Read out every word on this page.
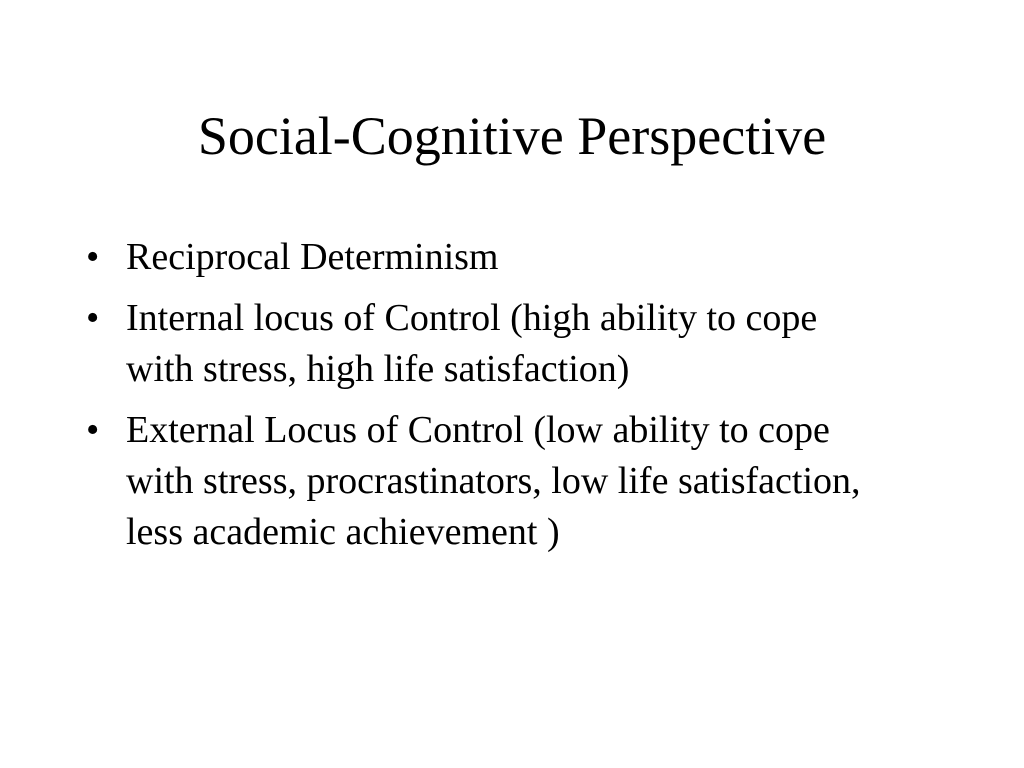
Social-Cognitive Perspective
• Reciprocal Determinism
• Internal locus of Control (high ability to cope with stress, high life satisfaction)
• External Locus of Control (low ability to cope with stress, procrastinators, low life satisfaction, less academic achievement )
